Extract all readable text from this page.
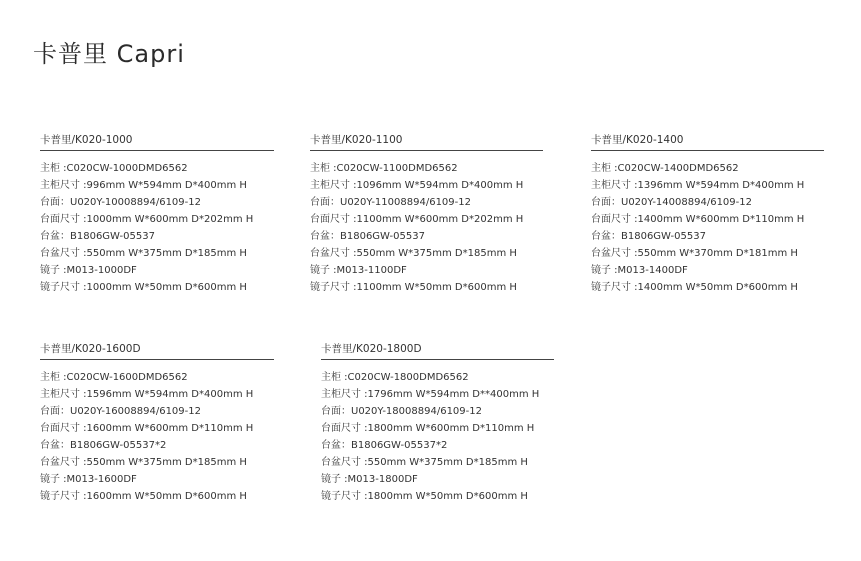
卡普里 Capri
卡普里/K020-1000
主柜 :C020CW-1000DMD6562
主柜尺寸 :996mm W*594mm D*400mm H
台面：U020Y-10008894/6109-12
台面尺寸 :1000mm W*600mm D*202mm H
台盆：B1806GW-05537
台盆尺寸 :550mm W*375mm D*185mm H
镜子 :M013-1000DF
镜子尺寸 :1000mm W*50mm D*600mm H
卡普里/K020-1100
主柜 :C020CW-1100DMD6562
主柜尺寸 :1096mm W*594mm D*400mm H
台面：U020Y-11008894/6109-12
台面尺寸 :1100mm W*600mm D*202mm H
台盆：B1806GW-05537
台盆尺寸 :550mm W*375mm D*185mm H
镜子 :M013-1100DF
镜子尺寸 :1100mm W*50mm D*600mm H
卡普里/K020-1400
主柜 :C020CW-1400DMD6562
主柜尺寸 :1396mm W*594mm D*400mm H
台面：U020Y-14008894/6109-12
台面尺寸 :1400mm W*600mm D*110mm H
台盆：B1806GW-05537
台盆尺寸 :550mm W*370mm D*181mm H
镜子 :M013-1400DF
镜子尺寸 :1400mm W*50mm D*600mm H
卡普里/K020-1600D
主柜 :C020CW-1600DMD6562
主柜尺寸 :1596mm W*594mm D*400mm H
台面：U020Y-16008894/6109-12
台面尺寸 :1600mm W*600mm D*110mm H
台盆：B1806GW-05537*2
台盆尺寸 :550mm W*375mm D*185mm H
镜子 :M013-1600DF
镜子尺寸 :1600mm W*50mm D*600mm H
卡普里/K020-1800D
主柜 :C020CW-1800DMD6562
主柜尺寸 :1796mm W*594mm D**400mm H
台面：U020Y-18008894/6109-12
台面尺寸 :1800mm W*600mm D*110mm H
台盆：B1806GW-05537*2
台盆尺寸 :550mm W*375mm D*185mm H
镜子 :M013-1800DF
镜子尺寸 :1800mm W*50mm D*600mm H
